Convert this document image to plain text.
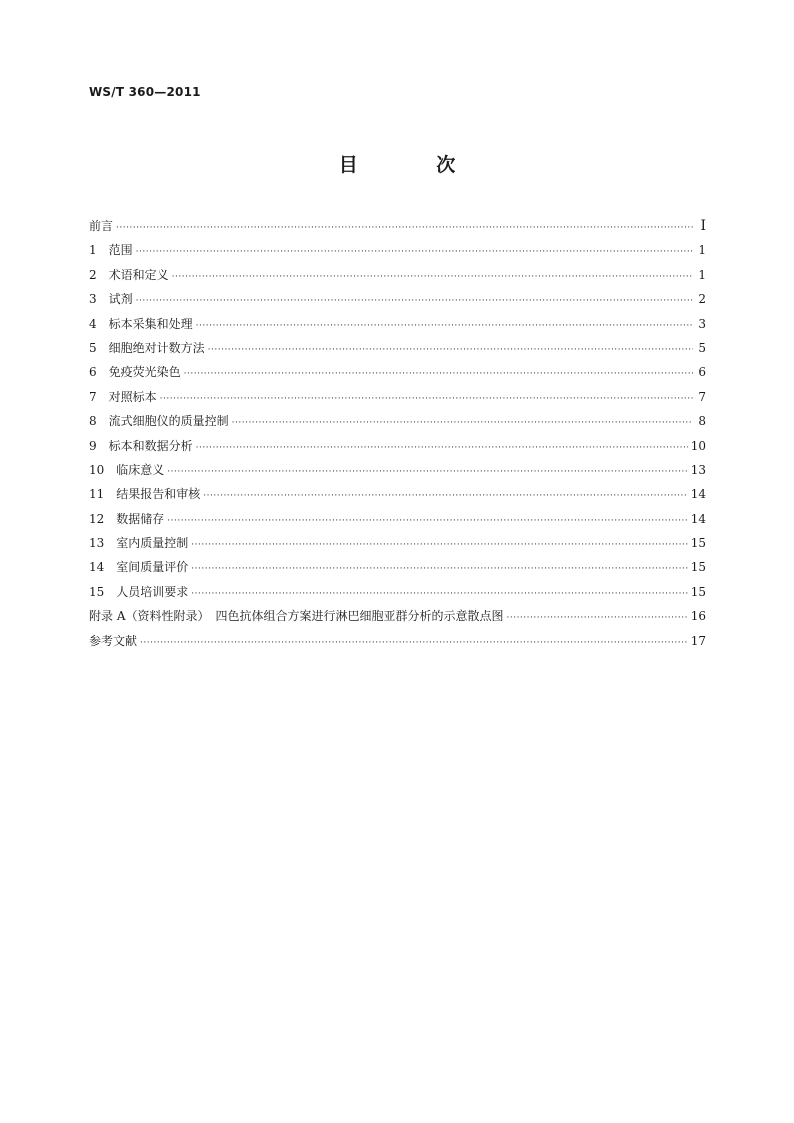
WS/T 360—2011
目 次
前言 ·····	I
1　范围 ·····	1
2　术语和定义 ·····	1
3　试剂 ·····	2
4　标本采集和处理 ·····	3
5　细胞绝对计数方法 ·····	5
6　免疫荧光染色 ·····	6
7　对照标本 ·····	7
8　流式细胞仪的质量控制 ·····	8
9　标本和数据分析 ·····	10
10　临床意义 ·····	13
11　结果报告和审核 ·····	14
12　数据储存 ·····	14
13　室内质量控制 ·····	15
14　室间质量评价 ·····	15
15　人员培训要求 ·····	15
附录 A（资料性附录）　四色抗体组合方案进行淋巴细胞亚群分析的示意散点图 ·····	16
参考文献 ·····	17
